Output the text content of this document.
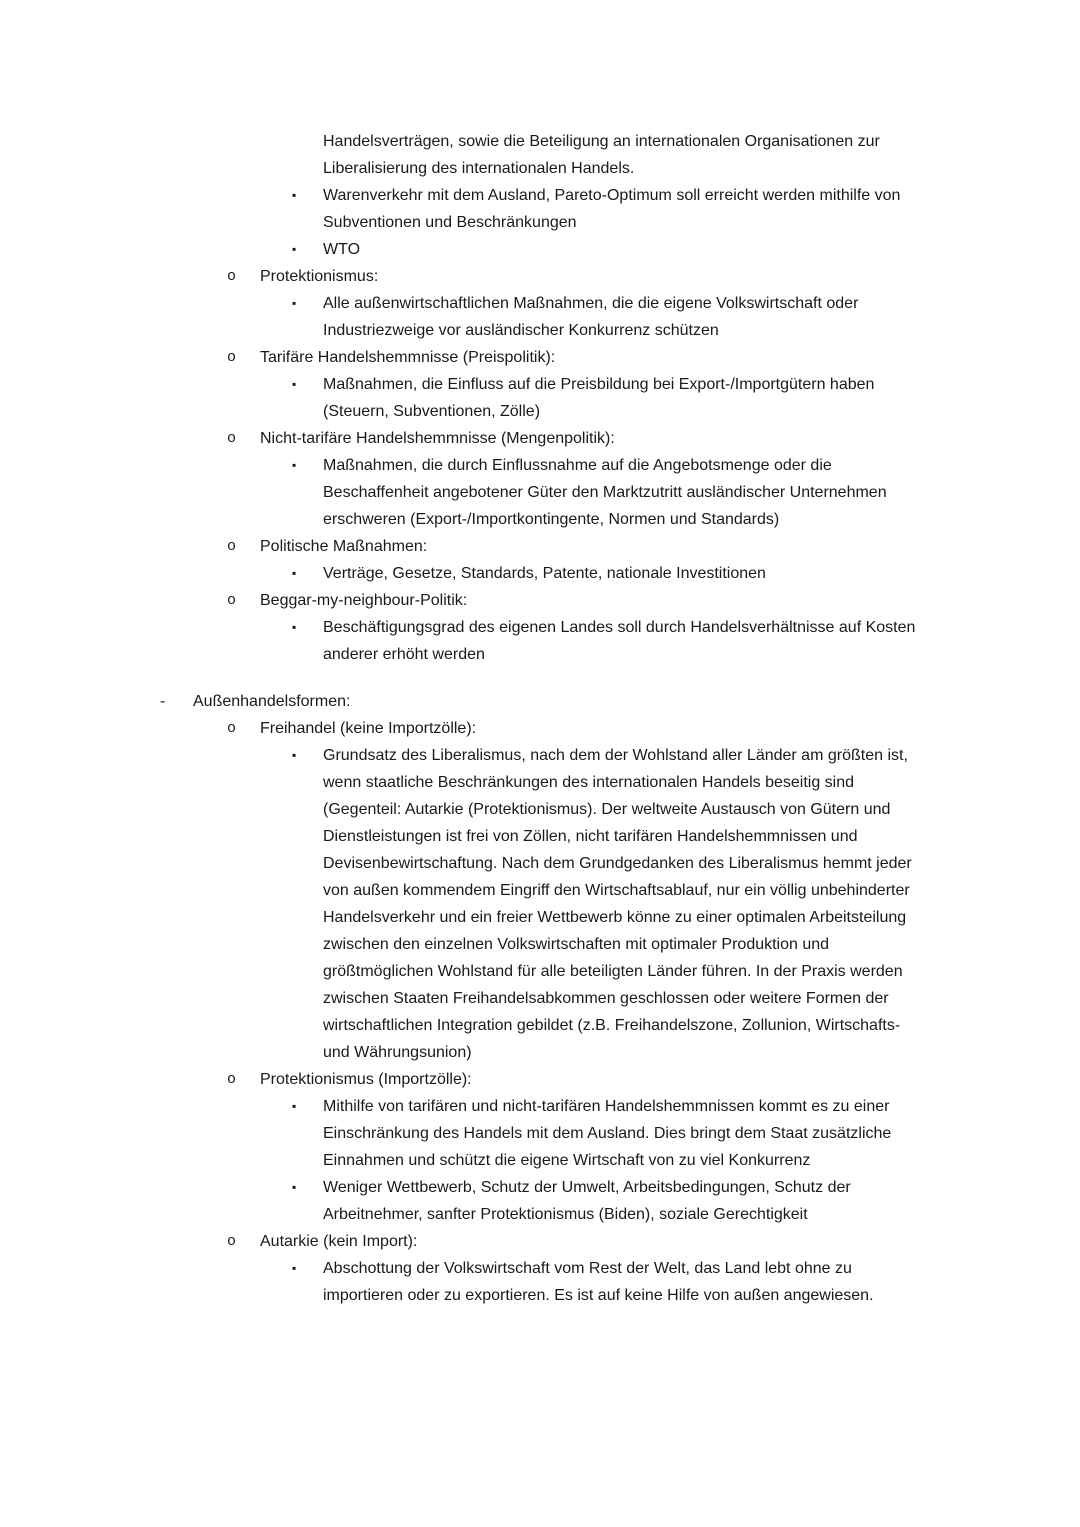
Handelsverträgen, sowie die Beteiligung an internationalen Organisationen zur Liberalisierung des internationalen Handels.
▪ Warenverkehr mit dem Ausland, Pareto-Optimum soll erreicht werden mithilfe von Subventionen und Beschränkungen
▪ WTO
o Protektionismus:
▪ Alle außenwirtschaftlichen Maßnahmen, die die eigene Volkswirtschaft oder Industriezweige vor ausländischer Konkurrenz schützen
o Tarifäre Handelshemmnisse (Preispolitik):
▪ Maßnahmen, die Einfluss auf die Preisbildung bei Export-/Importgütern haben (Steuern, Subventionen, Zölle)
o Nicht-tarifäre Handelshemmnisse (Mengenpolitik):
▪ Maßnahmen, die durch Einflussnahme auf die Angebotsmenge oder die Beschaffenheit angebotener Güter den Marktzutritt ausländischer Unternehmen erschweren (Export-/Importkontingente, Normen und Standards)
o Politische Maßnahmen:
▪ Verträge, Gesetze, Standards, Patente, nationale Investitionen
o Beggar-my-neighbour-Politik:
▪ Beschäftigungsgrad des eigenen Landes soll durch Handelsverhältnisse auf Kosten anderer erhöht werden
- Außenhandelsformen:
o Freihandel (keine Importzölle):
▪ Grundsatz des Liberalismus, nach dem der Wohlstand aller Länder am größten ist, wenn staatliche Beschränkungen des internationalen Handels beseitig sind (Gegenteil: Autarkie (Protektionismus). Der weltweite Austausch von Gütern und Dienstleistungen ist frei von Zöllen, nicht tarifären Handelshemmnissen und Devisenbewirtschaftung. Nach dem Grundgedanken des Liberalismus hemmt jeder von außen kommendem Eingriff den Wirtschaftsablauf, nur ein völlig unbehinderter Handelsverkehr und ein freier Wettbewerb könne zu einer optimalen Arbeitsteilung zwischen den einzelnen Volkswirtschaften mit optimaler Produktion und größtmöglichen Wohlstand für alle beteiligten Länder führen. In der Praxis werden zwischen Staaten Freihandelsabkommen geschlossen oder weitere Formen der wirtschaftlichen Integration gebildet (z.B. Freihandelszone, Zollunion, Wirtschafts- und Währungsunion)
o Protektionismus (Importzölle):
▪ Mithilfe von tarifären und nicht-tarifären Handelshemmnissen kommt es zu einer Einschränkung des Handels mit dem Ausland. Dies bringt dem Staat zusätzliche Einnahmen und schützt die eigene Wirtschaft von zu viel Konkurrenz
▪ Weniger Wettbewerb, Schutz der Umwelt, Arbeitsbedingungen, Schutz der Arbeitnehmer, sanfter Protektionismus (Biden), soziale Gerechtigkeit
o Autarkie (kein Import):
▪ Abschottung der Volkswirtschaft vom Rest der Welt, das Land lebt ohne zu importieren oder zu exportieren. Es ist auf keine Hilfe von außen angewiesen.
